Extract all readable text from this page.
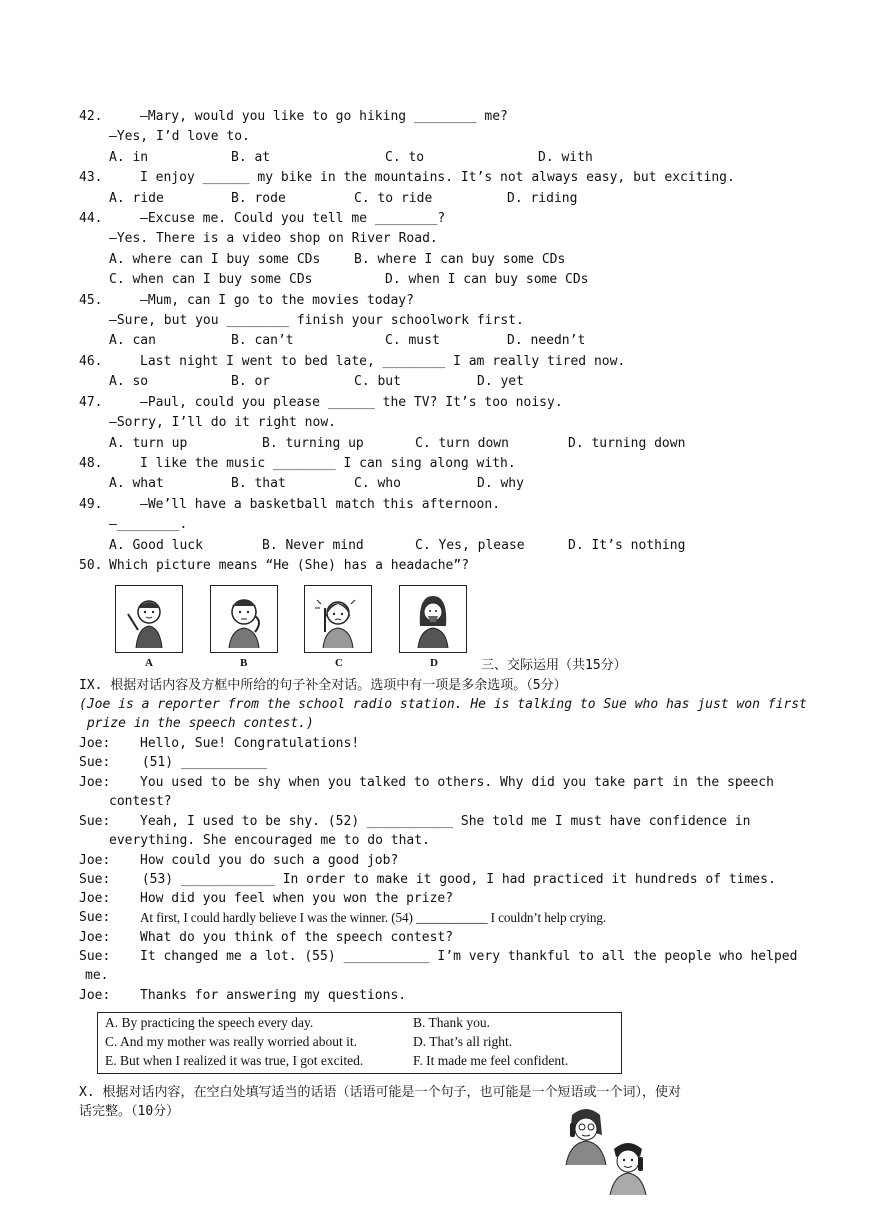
42.	—Mary, would you like to go hiking ________ me?
—Yes, I’d love to.
A. in	B. at	C. to	D. with
43.	I enjoy ______ my bike in the mountains. It’s not always easy, but exciting.
A. ride	B. rode	C. to ride	D. riding
44.	—Excuse me. Could you tell me ________?
—Yes. There is a video shop on River Road.
A. where can I buy some CDs	B. where I can buy some CDs
C. when can I buy some CDs	D. when I can buy some CDs
45.	—Mum, can I go to the movies today?
—Sure, but you ________ finish your schoolwork first.
A. can	B. can’t	C. must	D. needn’t
46.	Last night I went to bed late, ________ I am really tired now.
A. so	B. or	C. but	D. yet
47.	—Paul, could you please ______ the TV? It’s too noisy.
—Sorry, I’ll do it right now.
A. turn up	B. turning up	C. turn down	D. turning down
48.	I like the music ________ I can sing along with.
A. what	B. that	C. who	D. why
49.	—We’ll have a basketball match this afternoon.
—________.
A. Good luck	B. Never mind	C. Yes, please	D. It’s nothing
50. Which picture means “He (She) has a headache”?
A	B	C	D	三、交际运用（共15分）
IX. 根据对话内容及方框中所给的句子补全对话。选项中有一项是多余选项。（5分）
(Joe is a reporter from the school radio station. He is talking to Sue who has just won first
prize in the speech contest.)
Joe: Hello, Sue! Congratulations!
Sue: (51) ___________
Joe: You used to be shy when you talked to others. Why did you take part in the speech
contest?
Sue: Yeah, I used to be shy. (52) ___________ She told me I must have confidence in
everything. She encouraged me to do that.
Joe: How could you do such a good job?
Sue: (53) ____________ In order to make it good, I had practiced it hundreds of times.
Joe: How did you feel when you won the prize?
Sue: At first, I could hardly believe I was the winner. (54) ___________ I couldn’t help crying.
Joe: What do you think of the speech contest?
Sue: It changed me a lot. (55) ___________ I’m very thankful to all the people who helped
me.
Joe: Thanks for answering my questions.
A. By practicing the speech every day.	B. Thank you.
C. And my mother was really worried about it.	D. That’s all right.
E. But when I realized it was true, I got excited.	F. It made me feel confident.
X. 根据对话内容，在空白处填写适当的话语（话语可能是一个句子，也可能是一个短语或一个词），使对
话完整。（10分）
